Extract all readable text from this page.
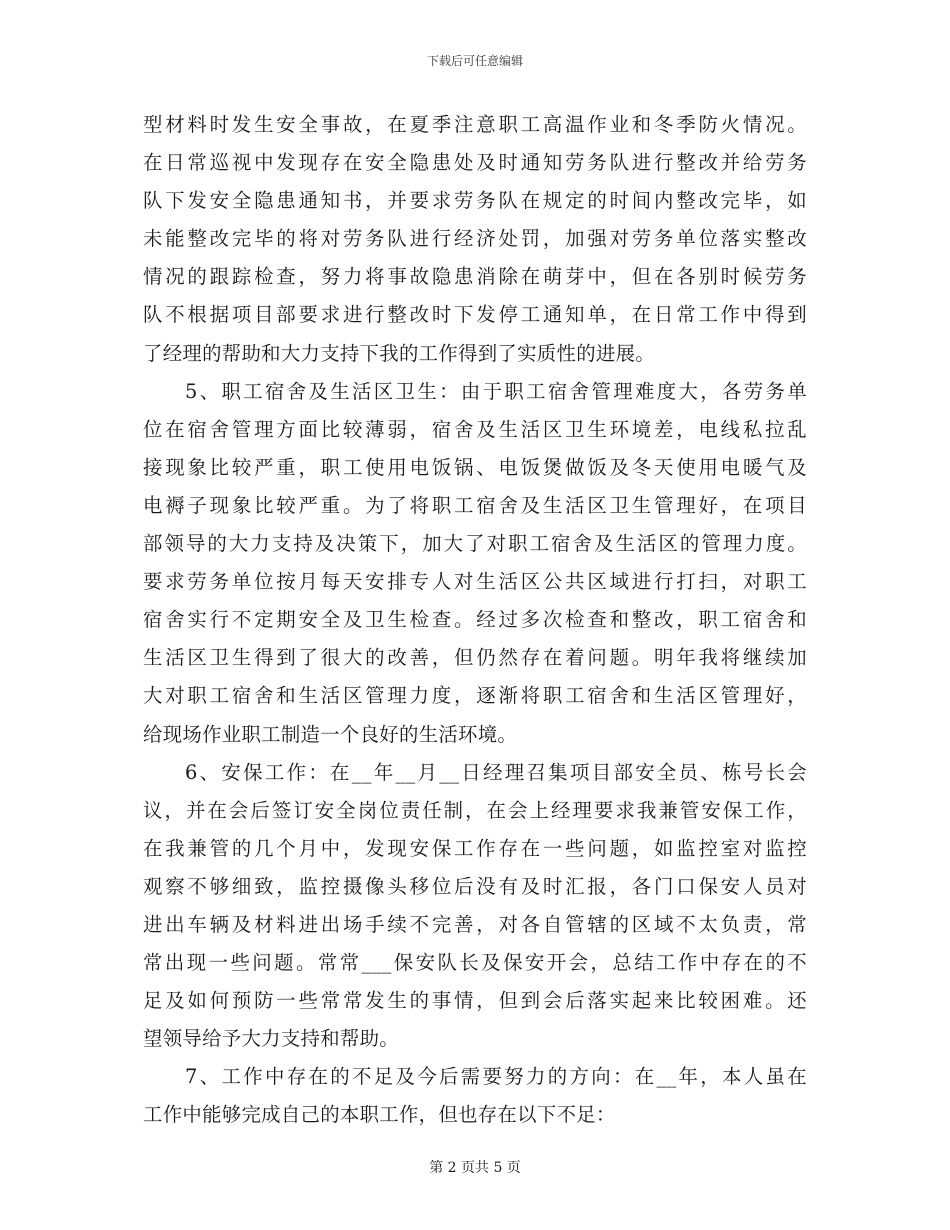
下载后可任意编辑
型材料时发生安全事故，在夏季注意职工高温作业和冬季防火情况。
在日常巡视中发现存在安全隐患处及时通知劳务队进行整改并给劳务
队下发安全隐患通知书，并要求劳务队在规定的时间内整改完毕，如
未能整改完毕的将对劳务队进行经济处罚，加强对劳务单位落实整改
情况的跟踪检查，努力将事故隐患消除在萌芽中，但在各别时候劳务
队不根据项目部要求进行整改时下发停工通知单，在日常工作中得到
了经理的帮助和大力支持下我的工作得到了实质性的进展。
5、职工宿舍及生活区卫生：由于职工宿舍管理难度大，各劳务单
位在宿舍管理方面比较薄弱，宿舍及生活区卫生环境差，电线私拉乱
接现象比较严重，职工使用电饭锅、电饭煲做饭及冬天使用电暖气及
电褥子现象比较严重。为了将职工宿舍及生活区卫生管理好，在项目
部领导的大力支持及决策下，加大了对职工宿舍及生活区的管理力度。
要求劳务单位按月每天安排专人对生活区公共区域进行打扫，对职工
宿舍实行不定期安全及卫生检查。经过多次检查和整改，职工宿舍和
生活区卫生得到了很大的改善，但仍然存在着问题。明年我将继续加
大对职工宿舍和生活区管理力度，逐渐将职工宿舍和生活区管理好，
给现场作业职工制造一个良好的生活环境。
6、安保工作：在__年__月__日经理召集项目部安全员、栋号长会
议，并在会后签订安全岗位责任制，在会上经理要求我兼管安保工作，
在我兼管的几个月中，发现安保工作存在一些问题，如监控室对监控
观察不够细致，监控摄像头移位后没有及时汇报，各门口保安人员对
进出车辆及材料进出场手续不完善，对各自管辖的区域不太负责，常
常出现一些问题。常常___保安队长及保安开会，总结工作中存在的不
足及如何预防一些常常发生的事情，但到会后落实起来比较困难。还
望领导给予大力支持和帮助。
7、工作中存在的不足及今后需要努力的方向：在__年，本人虽在
工作中能够完成自己的本职工作，但也存在以下不足：
第 2 页共 5 页
